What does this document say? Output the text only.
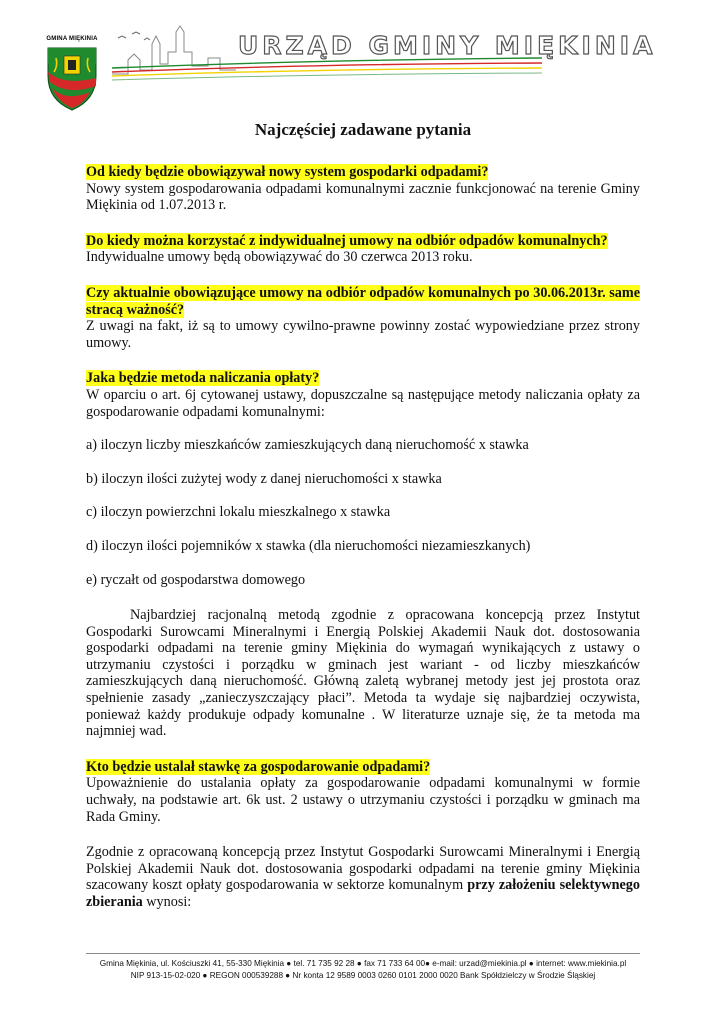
GMINA MIĘKINIA	URZĄD GMINY MIĘKINIA
Najczęściej zadawane pytania
Od kiedy będzie obowiązywał nowy system gospodarki odpadami?

Nowy system gospodarowania odpadami komunalnymi zacznie funkcjonować na terenie Gminy Miękinia od 1.07.2013 r.

Do kiedy można korzystać z indywidualnej umowy na odbiór odpadów komunalnych?

Indywidualne umowy będą obowiązywać do 30 czerwca 2013 roku.

Czy aktualnie obowiązujące umowy na odbiór odpadów komunalnych po 30.06.2013r. same stracą ważność?

Z uwagi na fakt, iż są to umowy cywilno-prawne powinny zostać wypowiedziane przez strony umowy.

Jaka będzie metoda naliczania opłaty?

W oparciu o art. 6j cytowanej ustawy, dopuszczalne są następujące metody naliczania opłaty za gospodarowanie odpadami komunalnymi:

a) iloczyn liczby mieszkańców zamieszkujących daną nieruchomość x stawka
b) iloczyn ilości zużytej wody z danej nieruchomości x stawka
c) iloczyn powierzchni lokalu mieszkalnego x stawka
d) iloczyn ilości pojemników x stawka (dla nieruchomości niezamieszkanych)
e) ryczałt od gospodarstwa domowego

Najbardziej racjonalną metodą zgodnie z opracowana koncepcją przez Instytut Gospodarki Surowcami Mineralnymi i Energią Polskiej Akademii Nauk dot. dostosowania gospodarki odpadami na terenie gminy Miękinia do wymagań wynikających z ustawy o utrzymaniu czystości i porządku w gminach jest wariant - od liczby mieszkańców zamieszkujących daną nieruchomość. Główną zaletą wybranej metody jest jej prostota oraz spełnienie zasady „zanieczyszczający płaci”. Metoda ta wydaje się najbardziej oczywista, ponieważ każdy produkuje odpady komunalne . W literaturze uznaje się, że ta metoda ma najmniej wad.

Kto będzie ustalał stawkę za gospodarowanie odpadami?

Upoważnienie do ustalania opłaty za gospodarowanie odpadami komunalnymi w formie uchwały, na podstawie art. 6k ust. 2 ustawy o utrzymaniu czystości i porządku w gminach ma Rada Gminy.

Zgodnie z opracowaną koncepcją przez Instytut Gospodarki Surowcami Mineralnymi i Energią Polskiej Akademii Nauk dot. dostosowania gospodarki odpadami na terenie gminy Miękinia szacowany koszt opłaty gospodarowania w sektorze komunalnym przy założeniu selektywnego zbierania wynosi:

Gmina Miękinia, ul. Kościuszki 41, 55-330 Miękinia ● tel. 71 735 92 28 ● fax 71 733 64 00● e-mail: urzad@miekinia.pl ● internet: www.miekinia.pl
NIP 913-15-02-020 ● REGON 000539288 ● Nr konta 12 9589 0003 0260 0101 2000 0020 Bank Spółdzielczy w Środzie Śląskiej
